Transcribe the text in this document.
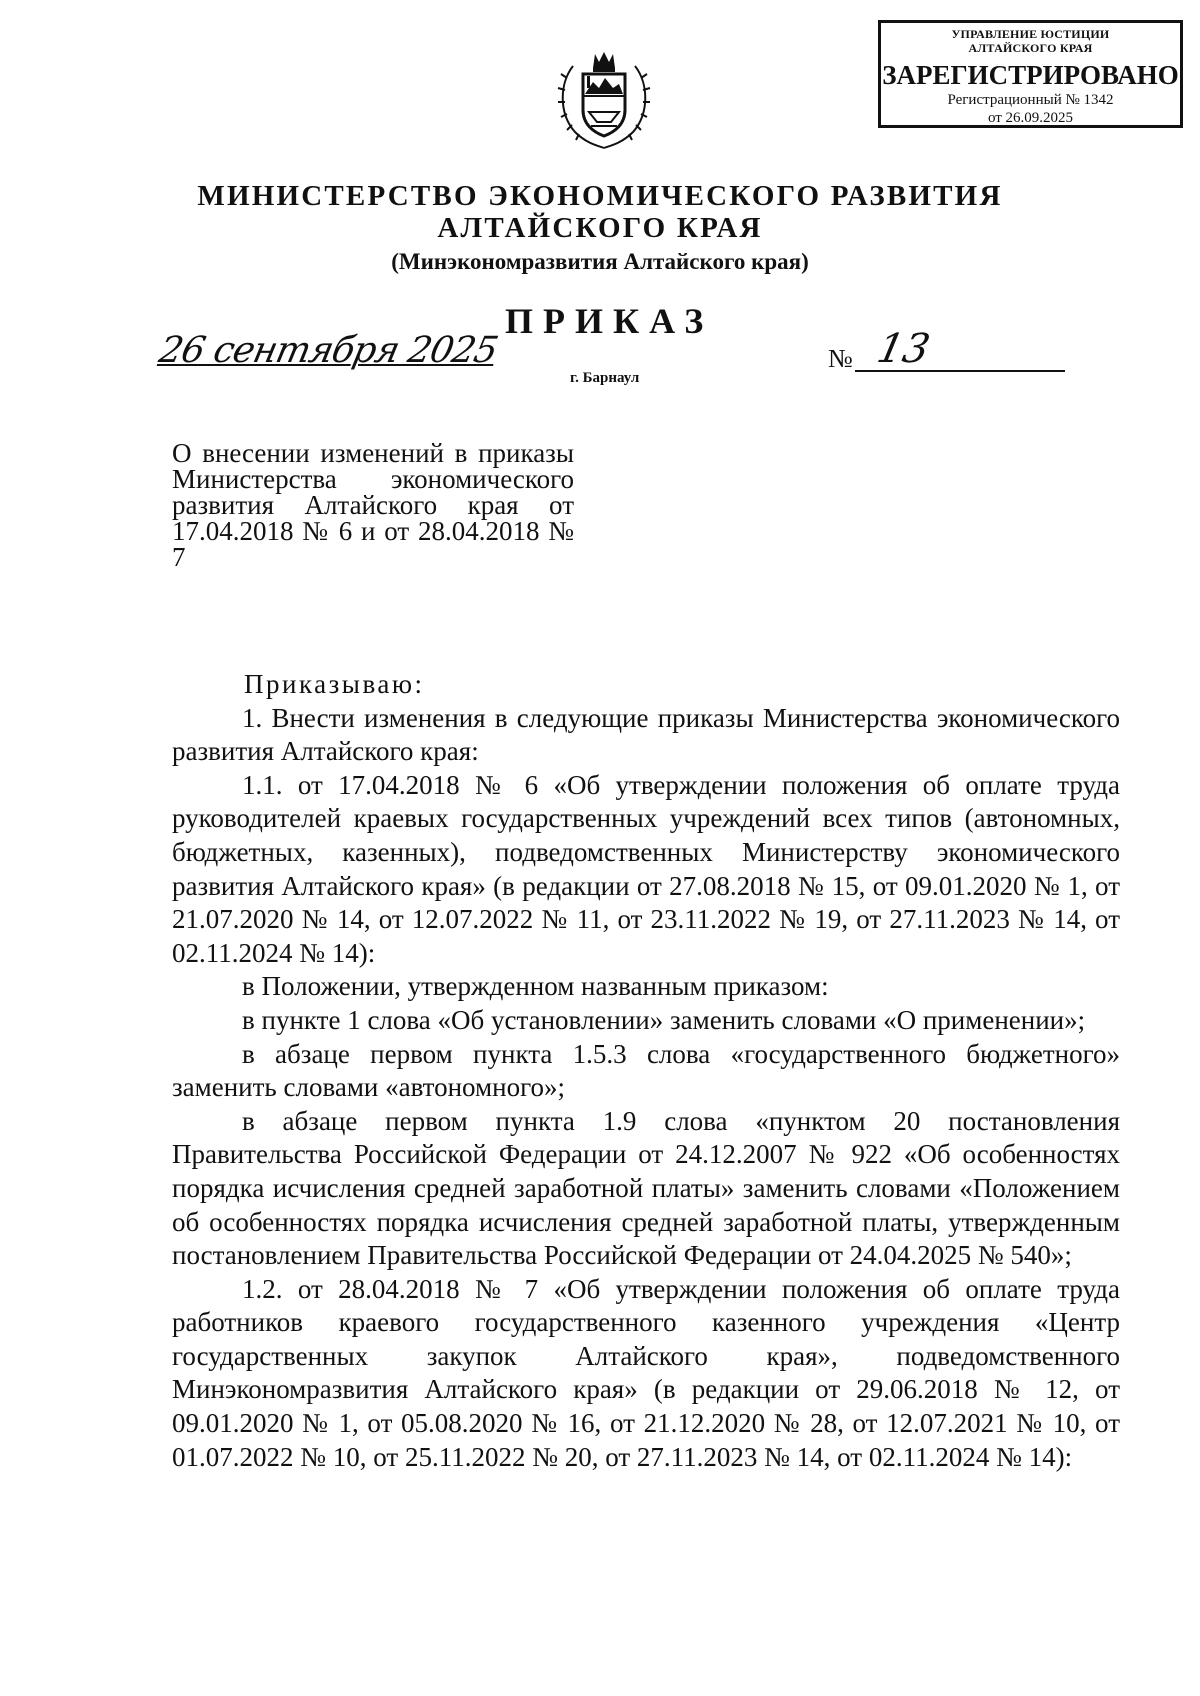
УПРАВЛЕНИЕ ЮСТИЦИИ
АЛТАЙСКОГО КРАЯ
ЗАРЕГИСТРИРОВАНО
Регистрационный № 1342
от 26.09.2025
МИНИСТЕРСТВО ЭКОНОМИЧЕСКОГО РАЗВИТИЯ
АЛТАЙСКОГО КРАЯ
(Минэкономразвития Алтайского края)
ПРИКАЗ
26 сентября 2025
г. Барнаул
№ 13
О внесении изменений в приказы Министерства экономического развития Алтайского края от 17.04.2018 № 6 и от 28.04.2018 № 7

Приказываю:

1. Внести изменения в следующие приказы Министерства экономического развития Алтайского края:

1.1. от 17.04.2018 № 6 «Об утверждении положения об оплате труда руководителей краевых государственных учреждений всех типов (автономных, бюджетных, казенных), подведомственных Министерству экономического развития Алтайского края» (в редакции от 27.08.2018 № 15, от 09.01.2020 № 1, от 21.07.2020 № 14, от 12.07.2022 № 11, от 23.11.2022 № 19, от 27.11.2023 № 14, от 02.11.2024 № 14):

в Положении, утвержденном названным приказом:

в пункте 1 слова «Об установлении» заменить словами «О применении»;

в абзаце первом пункта 1.5.3 слова «государственного бюджетного» заменить словами «автономного»;

в абзаце первом пункта 1.9 слова «пунктом 20 постановления Правительства Российской Федерации от 24.12.2007 № 922 «Об особенностях порядка исчисления средней заработной платы» заменить словами «Положением об особенностях порядка исчисления средней заработной платы, утвержденным постановлением Правительства Российской Федерации от 24.04.2025 № 540»;

1.2. от 28.04.2018 № 7 «Об утверждении положения об оплате труда работников краевого государственного казенного учреждения «Центр государственных закупок Алтайского края», подведомственного Минэкономразвития Алтайского края» (в редакции от 29.06.2018 № 12, от 09.01.2020 № 1, от 05.08.2020 № 16, от 21.12.2020 № 28, от 12.07.2021 № 10, от 01.07.2022 № 10, от 25.11.2022 № 20, от 27.11.2023 № 14, от 02.11.2024 № 14):
